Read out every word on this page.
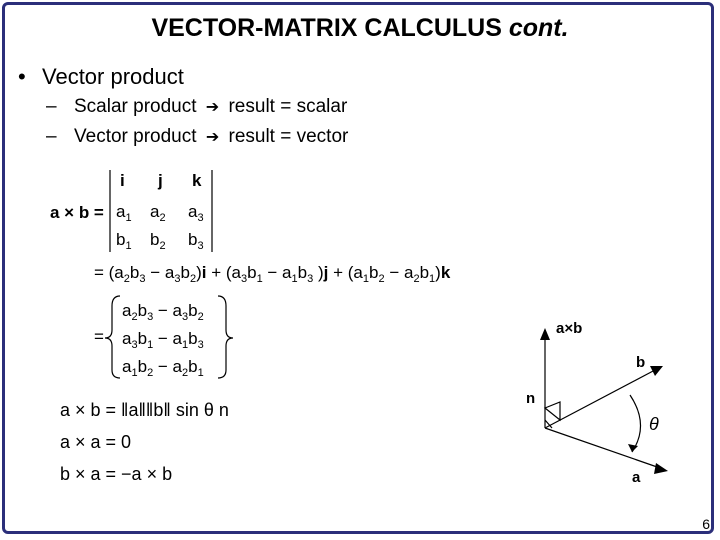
VECTOR-MATRIX CALCULUS cont.
• Vector product
– Scalar product ➔ result = scalar
– Vector product ➔ result = vector
a × b =
i j k
$a_1$ $a_2$ $a_3$
$b_1$ $b_2$ $b_3$
= $(a_2b_3 - a_3b_2)i + (a_3b_1 - a_1b_3$ )$j + (a_1b_2 - a_2b_1)k$
=
$a_2b_3 - a_3b_2$
$a_3b_1 - a_1b_3$
$a_1b_2 - a_2b_1$
a × b = ‖a‖‖b‖ sin θ n
a × a = 0
b × a = −a × b
a×b
b
n
θ
a
6
